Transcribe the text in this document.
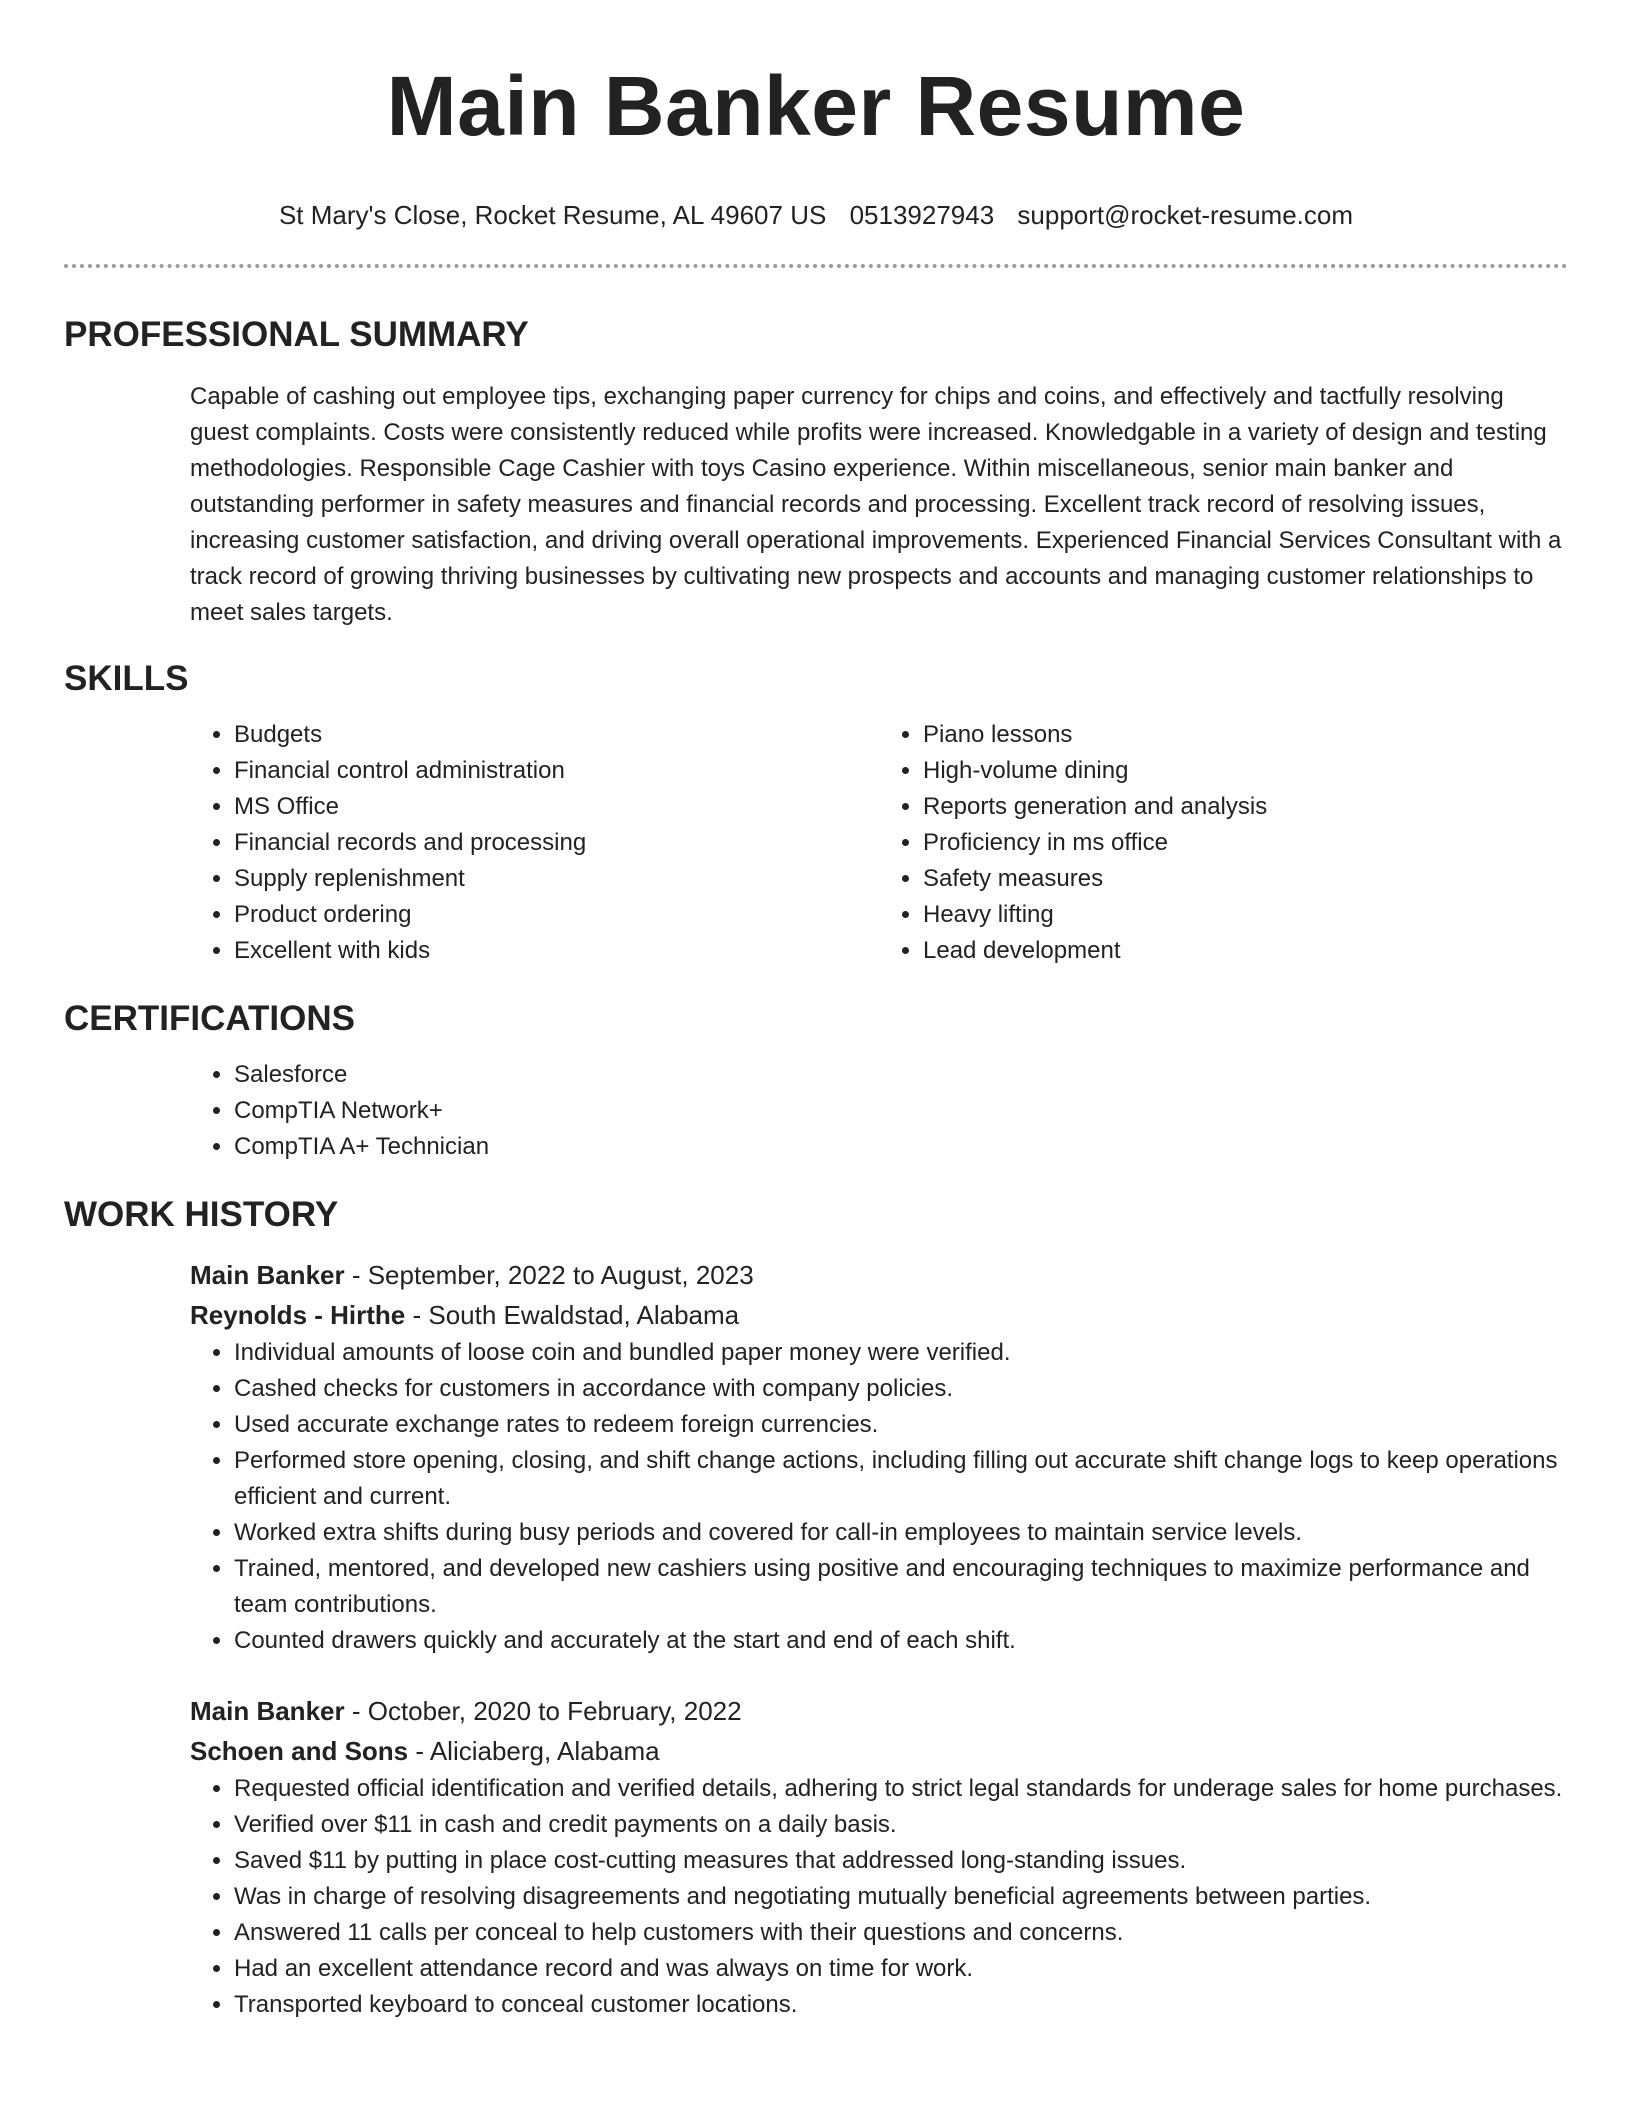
Main Banker Resume
St Mary's Close, Rocket Resume, AL 49607 US 0513927943 support@rocket-resume.com
PROFESSIONAL SUMMARY

Capable of cashing out employee tips, exchanging paper currency for chips and coins, and effectively and tactfully resolving guest complaints. Costs were consistently reduced while profits were increased. Knowledgable in a variety of design and testing methodologies. Responsible Cage Cashier with toys Casino experience. Within miscellaneous, senior main banker and outstanding performer in safety measures and financial records and processing. Excellent track record of resolving issues, increasing customer satisfaction, and driving overall operational improvements. Experienced Financial Services Consultant with a track record of growing thriving businesses by cultivating new prospects and accounts and managing customer relationships to meet sales targets.

SKILLS
• Budgets
• Financial control administration
• MS Office
• Financial records and processing
• Supply replenishment
• Product ordering
• Excellent with kids
• Piano lessons
• High-volume dining
• Reports generation and analysis
• Proficiency in ms office
• Safety measures
• Heavy lifting
• Lead development
CERTIFICATIONS
• Salesforce
• CompTIA Network+
• CompTIA A+ Technician
WORK HISTORY
Main Banker - September, 2022 to August, 2023
Reynolds - Hirthe - South Ewaldstad, Alabama
• Individual amounts of loose coin and bundled paper money were verified.
• Cashed checks for customers in accordance with company policies.
• Used accurate exchange rates to redeem foreign currencies.
• Performed store opening, closing, and shift change actions, including filling out accurate shift change logs to keep operations efficient and current.
• Worked extra shifts during busy periods and covered for call-in employees to maintain service levels.
• Trained, mentored, and developed new cashiers using positive and encouraging techniques to maximize performance and team contributions.
• Counted drawers quickly and accurately at the start and end of each shift.
Main Banker - October, 2020 to February, 2022
Schoen and Sons - Aliciaberg, Alabama
• Requested official identification and verified details, adhering to strict legal standards for underage sales for home purchases.
• Verified over $11 in cash and credit payments on a daily basis.
• Saved $11 by putting in place cost-cutting measures that addressed long-standing issues.
• Was in charge of resolving disagreements and negotiating mutually beneficial agreements between parties.
• Answered 11 calls per conceal to help customers with their questions and concerns.
• Had an excellent attendance record and was always on time for work.
• Transported keyboard to conceal customer locations.
